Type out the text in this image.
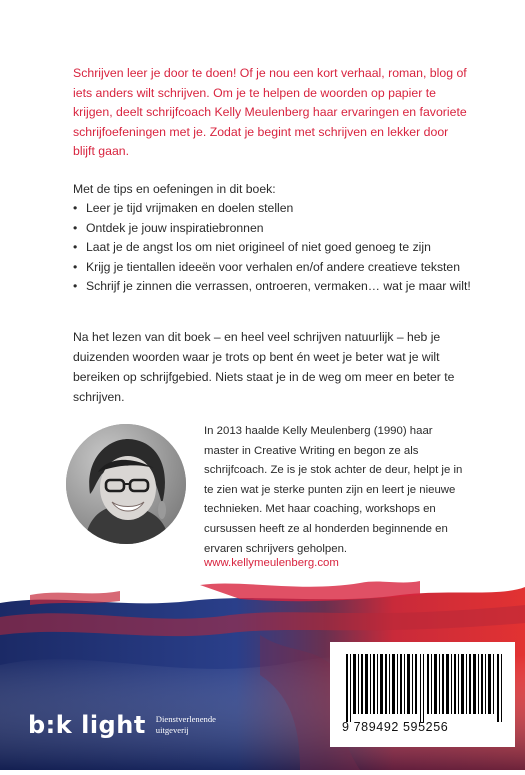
Schrijven leer je door te doen! Of je nou een kort verhaal, roman, blog of iets anders wilt schrijven. Om je te helpen de woorden op papier te krijgen, deelt schrijfcoach Kelly Meulenberg haar ervaringen en favoriete schrijfoefeningen met je. Zodat je begint met schrijven en lekker door blijft gaan.

Met de tips en oefeningen in dit boek:

• Leer je tijd vrijmaken en doelen stellen
• Ontdek je jouw inspiratiebronnen
• Laat je de angst los om niet origineel of niet goed genoeg te zijn
• Krijg je tientallen ideeën voor verhalen en/of andere creatieve teksten
• Schrijf je zinnen die verrassen, ontroeren, vermaken… wat je maar wilt!

Na het lezen van dit boek – en heel veel schrijven natuurlijk – heb je duizenden woorden waar je trots op bent én weet je beter wat je wilt bereiken op schrijfgebied. Niets staat je in de weg om meer en beter te schrijven.

In 2013 haalde Kelly Meulenberg (1990) haar master in Creative Writing en begon ze als schrijfcoach. Ze is je stok achter de deur, helpt je in te zien wat je sterke punten zijn en leert je nieuwe technieken. Met haar coaching, workshops en cursussen heeft ze al honderden beginnende en ervaren schrijvers geholpen.

www.kellymeulenberg.com
9 789492 595256
b:k light Dienstverlenende
uitgeverij
